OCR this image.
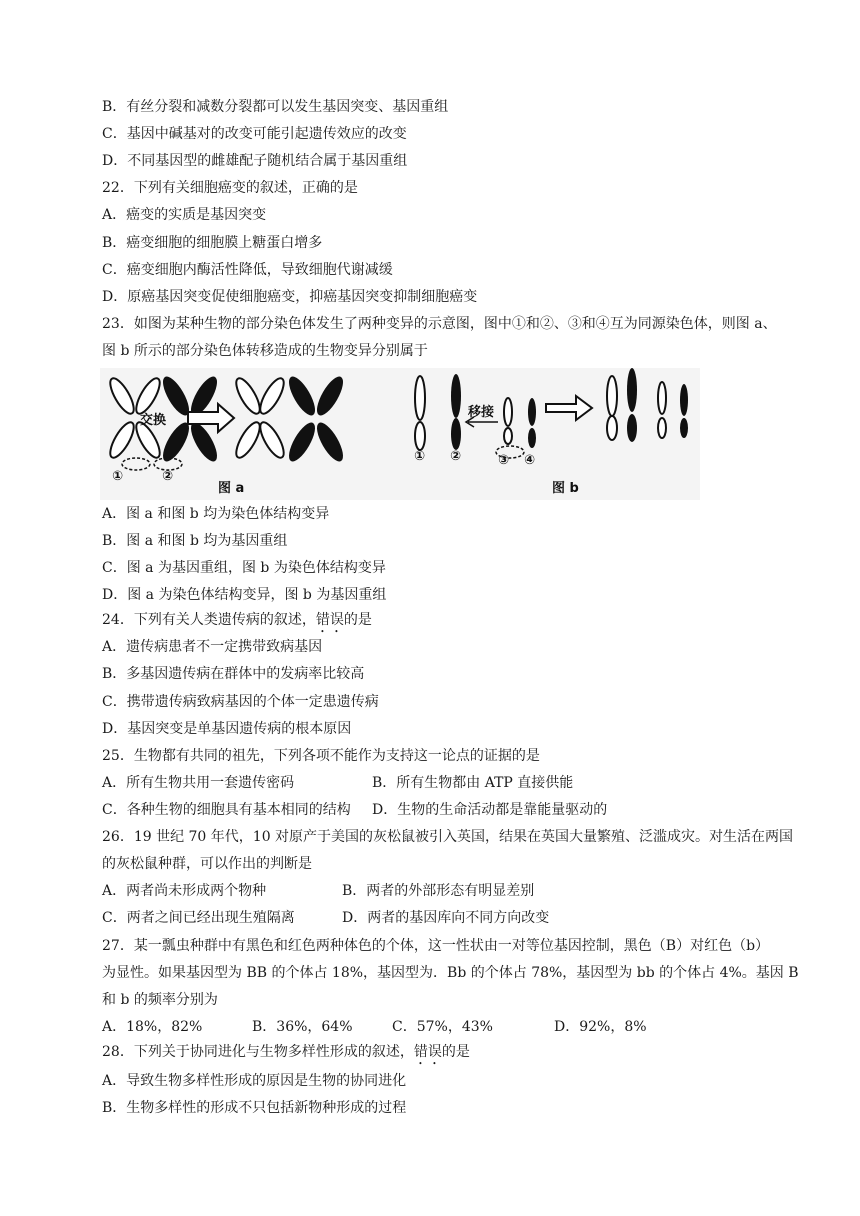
B．有丝分裂和减数分裂都可以发生基因突变、基因重组
C．基因中碱基对的改变可能引起遗传效应的改变
D．不同基因型的雌雄配子随机结合属于基因重组
22．下列有关细胞癌变的叙述，正确的是
A．癌变的实质是基因突变
B．癌变细胞的细胞膜上糖蛋白增多
C．癌变细胞内酶活性降低，导致细胞代谢减缓
D．原癌基因突变促使细胞癌变，抑癌基因突变抑制细胞癌变
23．如图为某种生物的部分染色体发生了两种变异的示意图，图中①和②、③和④互为同源染色体，则图 a、
图 b 所示的部分染色体转移造成的生物变异分别属于
交换
①	②
图 a
移接
① ②	③ ④
图 b
A．图 a 和图 b 均为染色体结构变异
B．图 a 和图 b 均为基因重组
C．图 a 为基因重组，图 b 为染色体结构变异
D．图 a 为染色体结构变异，图 b 为基因重组
24．下列有关人类遗传病的叙述，错误的是
A．遗传病患者不一定携带致病基因
B．多基因遗传病在群体中的发病率比较高
C．携带遗传病致病基因的个体一定患遗传病
D．基因突变是单基因遗传病的根本原因
25．生物都有共同的祖先，下列各项不能作为支持这一论点的证据的是
A．所有生物共用一套遗传密码	B．所有生物都由 ATP 直接供能
C．各种生物的细胞具有基本相同的结构 D．生物的生命活动都是靠能量驱动的
26．19 世纪 70 年代，10 对原产于美国的灰松鼠被引入英国，结果在英国大量繁殖、泛滥成灾。对生活在两国
的灰松鼠种群，可以作出的判断是
A．两者尚未形成两个物种	B．两者的外部形态有明显差别
C．两者之间已经出现生殖隔离	D．两者的基因库向不同方向改变
27．某一瓢虫种群中有黑色和红色两种体色的个体，这一性状由一对等位基因控制，黑色（B）对红色（b）
为显性。如果基因型为 BB 的个体占 18%，基因型为．Bb 的个体占 78%，基因型为 bb 的个体占 4%。基因 B
和 b 的频率分别为
A．18%，82%	B．36%，64%	C．57%，43%	D．92%，8%
28．下列关于协同进化与生物多样性形成的叙述，错误的是
A．导致生物多样性形成的原因是生物的协同进化
B．生物多样性的形成不只包括新物种形成的过程
